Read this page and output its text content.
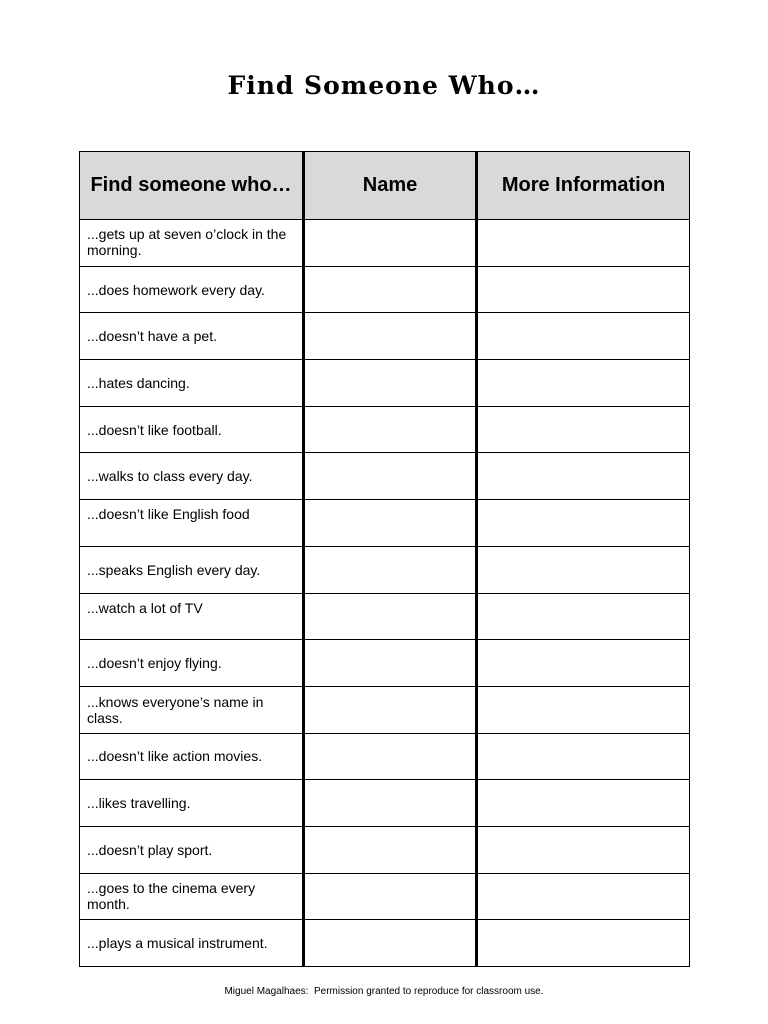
Find Someone Who…
Find someone who…	Name	More Information
...gets up at seven o’clock in the morning.		
...does homework every day.		
...doesn’t have a pet.		
...hates dancing.		
...doesn’t like football.		
...walks to class every day.		
...doesn’t like English food		
...speaks English every day.		
...watch a lot of TV		
...doesn’t enjoy flying.		
...knows everyone’s name in class.		
...doesn’t like action movies.		
...likes travelling.		
...doesn’t play sport.		
...goes to the cinema every month.		
...plays a musical instrument.		
Miguel Magalhaes:  Permission granted to reproduce for classroom use.
